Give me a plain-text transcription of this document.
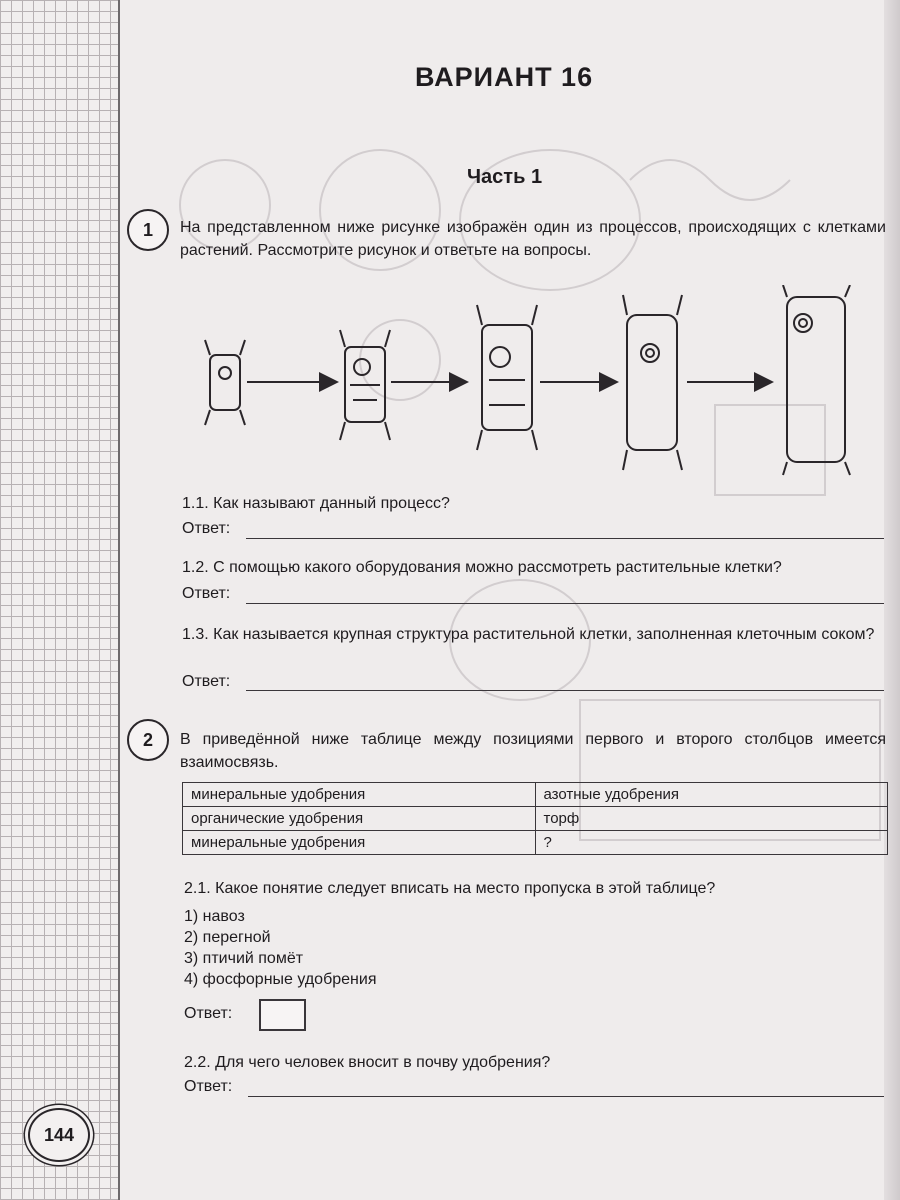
ВАРИАНТ 16
Часть 1
1	На представленном ниже рисунке изображён один из процессов, происходящих с клетками растений. Рассмотрите рисунок и ответьте на вопросы.
1.1. Как называют данный процесс?
Ответ:
1.2. С помощью какого оборудования можно рассмотреть растительные клетки?
Ответ:
1.3. Как называется крупная структура растительной клетки, заполненная клеточным соком?
Ответ:
2	В приведённой ниже таблице между позициями первого и второго столбцов имеется взаимосвязь.
минеральные удобрения	азотные удобрения
органические удобрения	торф
минеральные удобрения	?
2.1. Какое понятие следует вписать на место пропуска в этой таблице?
1) навоз
2) перегной
3) птичий помёт
4) фосфорные удобрения
Ответ:
2.2. Для чего человек вносит в почву удобрения?
Ответ:
144
